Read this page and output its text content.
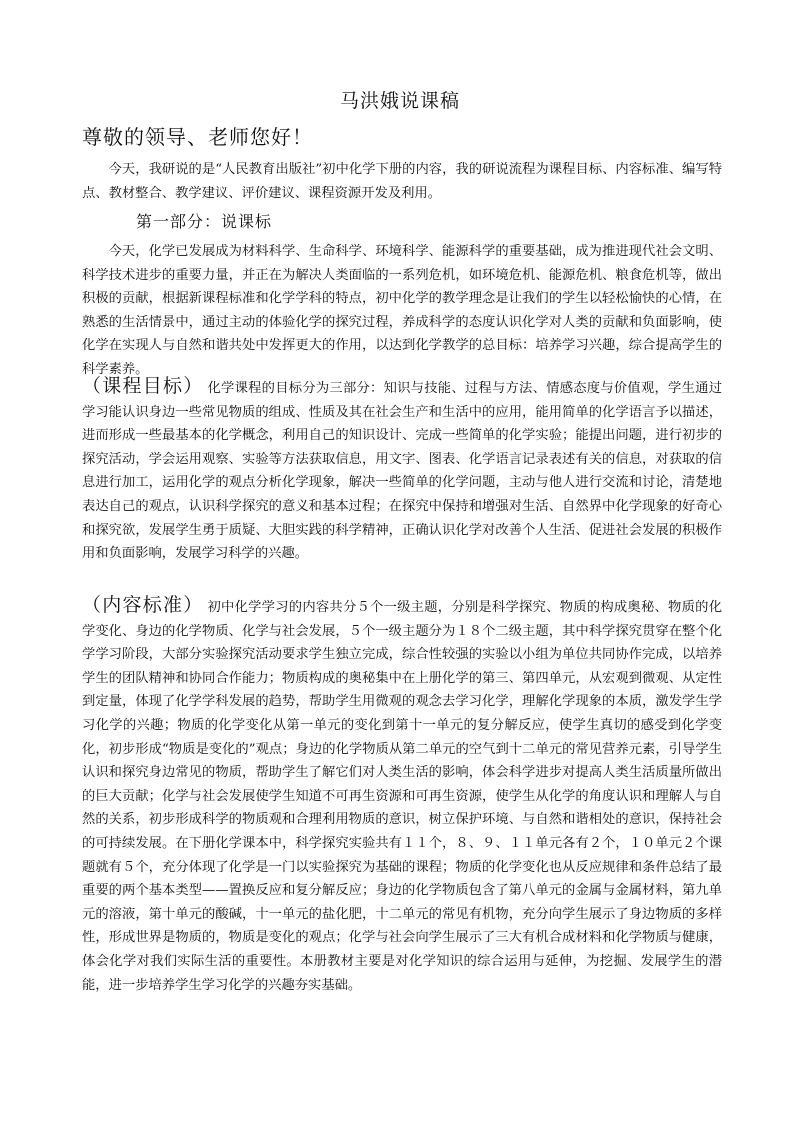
马洪娥说课稿
尊敬的领导、老师您好！

今天，我研说的是“人民教育出版社”初中化学下册的内容，我的研说流程为课程目标、内容标准、编写特点、教材整合、教学建议、评价建议、课程资源开发及利用。

第一部分：说课标

今天，化学已发展成为材料科学、生命科学、环境科学、能源科学的重要基础，成为推进现代社会文明、科学技术进步的重要力量，并正在为解决人类面临的一系列危机，如环境危机、能源危机、粮食危机等，做出积极的贡献，根据新课程标准和化学学科的特点，初中化学的教学理念是让我们的学生以轻松愉快的心情，在熟悉的生活情景中，通过主动的体验化学的探究过程，养成科学的态度认识化学对人类的贡献和负面影响，使化学在实现人与自然和谐共处中发挥更大的作用，以达到化学教学的总目标：培养学习兴趣，综合提高学生的科学素养。

（课程目标） 化学课程的目标分为三部分：知识与技能、过程与方法、情感态度与价值观，学生通过学习能认识身边一些常见物质的组成、性质及其在社会生产和生活中的应用，能用简单的化学语言予以描述，进而形成一些最基本的化学概念，利用自己的知识设计、完成一些简单的化学实验；能提出问题，进行初步的探究活动，学会运用观察、实验等方法获取信息，用文字、图表、化学语言记录表述有关的信息，对获取的信息进行加工，运用化学的观点分析化学现象，解决一些简单的化学问题，主动与他人进行交流和讨论，清楚地表达自己的观点，认识科学探究的意义和基本过程；在探究中保持和增强对生活、自然界中化学现象的好奇心和探究欲，发展学生勇于质疑、大胆实践的科学精神，正确认识化学对改善个人生活、促进社会发展的积极作用和负面影响，发展学习科学的兴趣。

（内容标准） 初中化学学习的内容共分５个一级主题，分别是科学探究、物质的构成奥秘、物质的化学变化、身边的化学物质、化学与社会发展，５个一级主题分为１８个二级主题，其中科学探究贯穿在整个化学学习阶段，大部分实验探究活动要求学生独立完成，综合性较强的实验以小组为单位共同协作完成，以培养学生的团队精神和协同合作能力；物质构成的奥秘集中在上册化学的第三、第四单元，从宏观到微观、从定性到定量，体现了化学学科发展的趋势，帮助学生用微观的观念去学习化学，理解化学现象的本质，激发学生学习化学的兴趣；物质的化学变化从第一单元的变化到第十一单元的复分解反应，使学生真切的感受到化学变化，初步形成“物质是变化的”观点；身边的化学物质从第二单元的空气到十二单元的常见营养元素，引导学生认识和探究身边常见的物质，帮助学生了解它们对人类生活的影响，体会科学进步对提高人类生活质量所做出的巨大贡献；化学与社会发展使学生知道不可再生资源和可再生资源，使学生从化学的角度认识和理解人与自然的关系，初步形成科学的物质观和合理利用物质的意识，树立保护环境、与自然和谐相处的意识，保持社会的可持续发展。在下册化学课本中，科学探究实验共有１１个，８、９、１１单元各有２个，１０单元２个课题就有５个，充分体现了化学是一门以实验探究为基础的课程；物质的化学变化也从反应规律和条件总结了最重要的两个基本类型——置换反应和复分解反应；身边的化学物质包含了第八单元的金属与金属材料，第九单元的溶液，第十单元的酸碱，十一单元的盐化肥，十二单元的常见有机物，充分向学生展示了身边物质的多样性，形成世界是物质的，物质是变化的观点；化学与社会向学生展示了三大有机合成材料和化学物质与健康，体会化学对我们实际生活的重要性。本册教材主要是对化学知识的综合运用与延伸，为挖掘、发展学生的潜能，进一步培养学生学习化学的兴趣夯实基础。
